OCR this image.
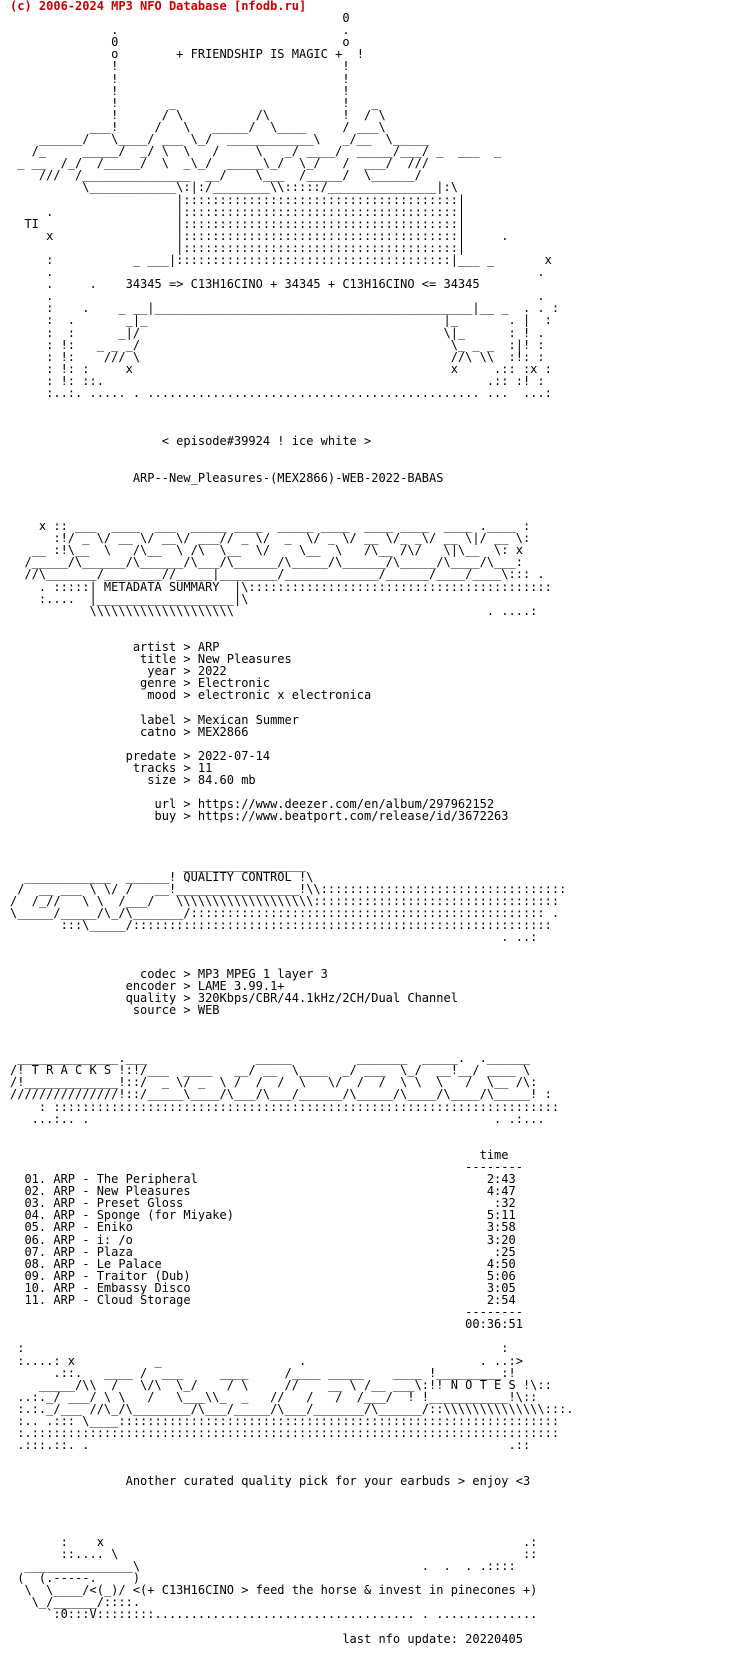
(c) 2006-2024 MP3 NFO Database [nfodb.ru]
0
.                               .
0                               o
o        + FRIENDSHIP IS MAGIC +  !
!                               !
!                               !
!                               !
!       _                       !   _
!      / \          /\          !  / \
___!     /   \   _____/  \____     / ___\
______/   \____/ ___ \_/  ____________\   _/__  \_____
/_     _____/  _/ \  \   /     \   _/ ____/  _____/___/ _  ___  _
_ __  /_/  /_____/  \  _\_/  _____\_/  \_/   /  ___/  ///
///  /_______________  __/    \___  /_____/  \______/
\____________\:|:/________\\:::::/_______________|:\
|::::::::::::::::::::::::::::::::::::::|
.                 |::::::::::::::::::::::::::::::::::::::|
TI                   |::::::::::::::::::::::::::::::::::::::|
x                 |::::::::::::::::::::::::::::::::::::::|     .
|::::::::::::::::::::::::::::::::::::::|
:           _ ___|::::::::::::::::::::::::::::::::::::::|___ _       x
.                                                                   .
.     .    34345 => C13H16CINO + 34345 + C13H16CINO <= 34345
.                                                                   .
:    .    _ __|____________________________________________|__ _  . . :
:  .       _|_                                         |_       . |  :
:  :      _|/                                          \|_      : ! .
: !:   _ _ _/                                           \_ _ _  :|! :
: !:    /// \                                           //\ \\  :!: :
: !: :     x                                            x     .:: :x :
: !: ::.                                                     .:: :! :
:..:. ..... . .............................................. ...  ...:

< episode#39924 ! ice white >

ARP--New_Pleasures-(MEX2866)-WEB-2022-BABAS

x :: ___  ____  ___  _____ ____  _____ ____  ____ ____  ____ .____ :
:!/ _ \/ __ \/ __\/ ___// _ \/  _  \/ _ \/ __ \/_ _\/ __ \|/ __ \:
__ :!\__  \   /\__  \ /\  \__  \/    \__  \   /\__ /\/   \|\__  \: x
/_____/\______/\______/\___/\______/\_____/\______/\_____/\____/\___:
//\_______/________//_____|________/_____________/______/____/____\::: .
. :::::| METADATA SUMMARY  |\::::::::::::::::::::::::::::::::::::::::::
:....  |___________________|\
\\\\\\\\\\\\\\\\\\\\                                   . ....:

artist > ARP
title > New Pleasures
year > 2022
genre > Electronic
mood > electronic x electronica

label > Mexican Summer
catno > MEX2866

predate > 2022-07-14
tracks > 11
size > 84.60 mb

url > https://www.deezer.com/en/album/297962152
buy > https://www.beatport.com/release/id/3672263

_________________
____________  ______! QUALITY CONTROL !\
/  __ ___ \ \/ /   __!_________________!\\::::::::::::::::::::::::::::::::::
/  /_//   \ \  /___/   \\\\\\\\\\\\\\\\\\\::::::::::::::::::::::::::::::::::
\_____/_____/\_/\_______/::::::::::::::::::::::::::::::::::::::::::::::::: .
:::\_____/::::::::::::::::::::::::::::::::::::::::::::::::::::::::::
. ..:

codec > MP3 MPEG 1 layer 3
encoder > LAME 3.99.1+
quality > 320Kbps/CBR/44.1kHz/2CH/Dual Channel
source > WEB

______________.___               _____         _______  _____.  .______
/! T R A C K S !:!/___  ____   __/ __  \____  _/ ___  \_/  __!__/ ____ \
/!_____________!::/  _ \/ _  \ /  /  /  \   \/  /  /  \ \  \   /  \__ /\:
///////////////!::/_____\____/\___/\___/______/\_____/\____/\____/\_____! :
: ::::::::::::::::::::::::::::::::::::::::::::::::::::::::::::::::::::::
...:.. .                                                        . .:...

time
--------
01. ARP - The Peripheral                                        2:43
02. ARP - New Pleasures                                         4:47
03. ARP - Preset Gloss                                           :32
04. ARP - Sponge (for Miyake)                                   5:11
05. ARP - Eniko                                                 3:58
06. ARP - i: /o                                                 3:20
07. ARP - Plaza                                                  :25
08. ARP - Le Palace                                             4:50
09. ARP - Traitor (Dub)                                         5:06
10. ARP - Embassy Disco                                         3:05
11. ARP - Cloud Storage                                         2:54
--------
00:36:51

:                                                                  :
:....: x           _                   .                        . ..:>
.::.   ____ /  ___     ____     /____ _____    ____ !_________:!
_____/\\  /   \/\  \_/    / \     //    __ \ /__ ___\:!! N O T E S !\::
..:._/ ___/ \ \   /   \___\\_  _   //   /   /  /___/  ! !___________!\::
:.:._/___ //\_/\________/\___/_____/\___/_______/\______/::\\\\\\\\\\\\\\:::.
:.. .::: \____:::::::::::::::::::::::::::::::::::::::::::::::::::::::::::::
:.:::::::::::::::::::::::::::::::::::::::::::::::::::::::::::::::::::::::::
.:::.::. .                                                          .::

Another curated quality pick for your earbuds > enjoy <3

:    x                                                          .:
::.... \                                                        ::
_______________\                                       .  .  . .::::
(  (.-----.     )
\  \____/<(_)/ <(+ C13H16CINO > feed the horse & invest in pinecones +)
\_/______/::::.
`:0:::V::::::::.................................... . ..............

last nfo update: 20220405
